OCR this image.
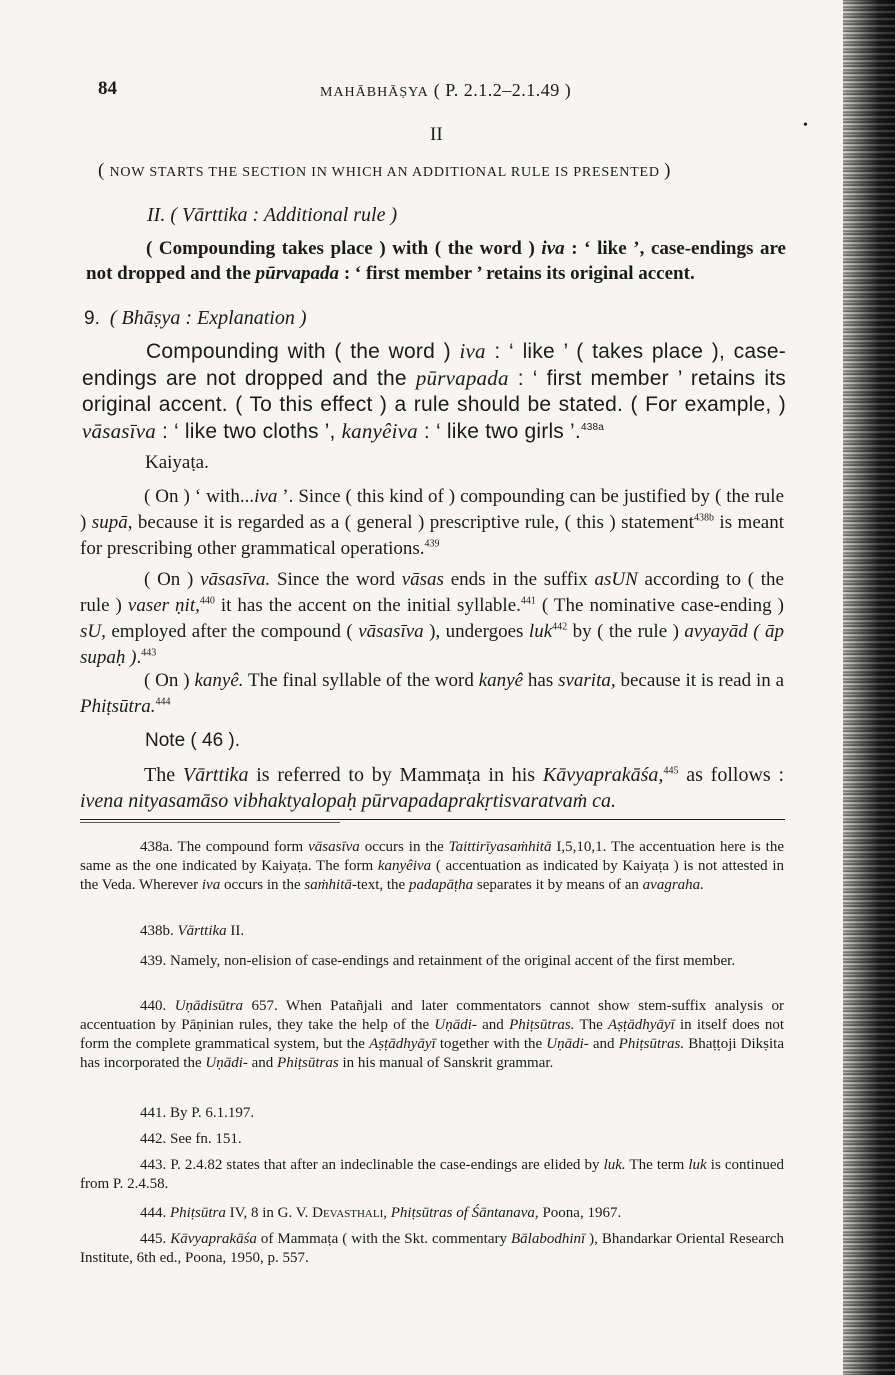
84	MAHĀBHĀṢYA ( P. 2.1.2–2.1.49 )
II	•
( NOW STARTS THE SECTION IN WHICH AN ADDITIONAL RULE IS PRESENTED )
II. ( Vārttika : Additional rule )

( Compounding takes place ) with ( the word ) iva : ‘ like ’, case-endings are not dropped and the pūrvapada : ‘ first member ’ retains its original accent.

9. ( Bhāṣya : Explanation )

Compounding with ( the word ) iva : ‘ like ’ ( takes place ), case-endings are not dropped and the pūrvapada : ‘ first member ’ retains its original accent. ( To this effect ) a rule should be stated. ( For example, ) vāsasīva : ‘ like two cloths ’, kanyêiva : ‘ like two girls ’.$^{438a}$

Kaiyaṭa.

( On ) ‘ with...iva ’. Since ( this kind of ) compounding can be justified by ( the rule ) supā, because it is regarded as a ( general ) prescriptive rule, ( this ) statement$^{438b}$ is meant for prescribing other grammatical operations.$^{439}$

( On ) vāsasīva. Since the word vāsas ends in the suffix asUN according to ( the rule ) vaser ṇit,$^{440}$ it has the accent on the initial syllable.$^{441}$ ( The nominative case-ending ) sU, employed after the compound ( vāsasīva ), undergoes luk$^{442}$ by ( the rule ) avyayād ( āp supaḥ ).$^{443}$

( On ) kanyê. The final syllable of the word kanyê has svarita, because it is read in a Phiṭsūtra.$^{444}$

Note ( 46 ).

The Vārttika is referred to by Mammaṭa in his Kāvyaprakāśa,$^{445}$ as follows : ivena nityasamāso vibhaktyalopaḥ pūrvapadaprakṛtisvaratvaṁ ca.

438a. The compound form vāsasīva occurs in the Taittirīyasaṁhitā I,5,10,1. The accentuation here is the same as the one indicated by Kaiyaṭa. The form kanyêiva ( accentuation as indicated by Kaiyaṭa ) is not attested in the Veda. Wherever iva occurs in the saṁhitā-text, the padapāṭha separates it by means of an avagraha.

438b. Vārttika II.

439. Namely, non-elision of case-endings and retainment of the original accent of the first member.

440. Uṇādisūtra 657. When Patañjali and later commentators cannot show stem-suffix analysis or accentuation by Pāṇinian rules, they take the help of the Uṇādi- and Phiṭsūtras. The Aṣṭādhyāyī in itself does not form the complete grammatical system, but the Aṣṭādhyāyī together with the Uṇādi- and Phiṭsūtras. Bhaṭṭoji Dikṣita has incorporated the Uṇādi- and Phiṭsūtras in his manual of Sanskrit grammar.

441. By P. 6.1.197.

442. See fn. 151.

443. P. 2.4.82 states that after an indeclinable the case-endings are elided by luk. The term luk is continued from P. 2.4.58.

444. Phiṭsūtra IV, 8 in G. V. Devasthali, Phiṭsūtras of Śāntanava, Poona, 1967.

445. Kāvyaprakāśa of Mammaṭa ( with the Skt. commentary Bālabodhinī ), Bhandarkar Oriental Research Institute, 6th ed., Poona, 1950, p. 557.
